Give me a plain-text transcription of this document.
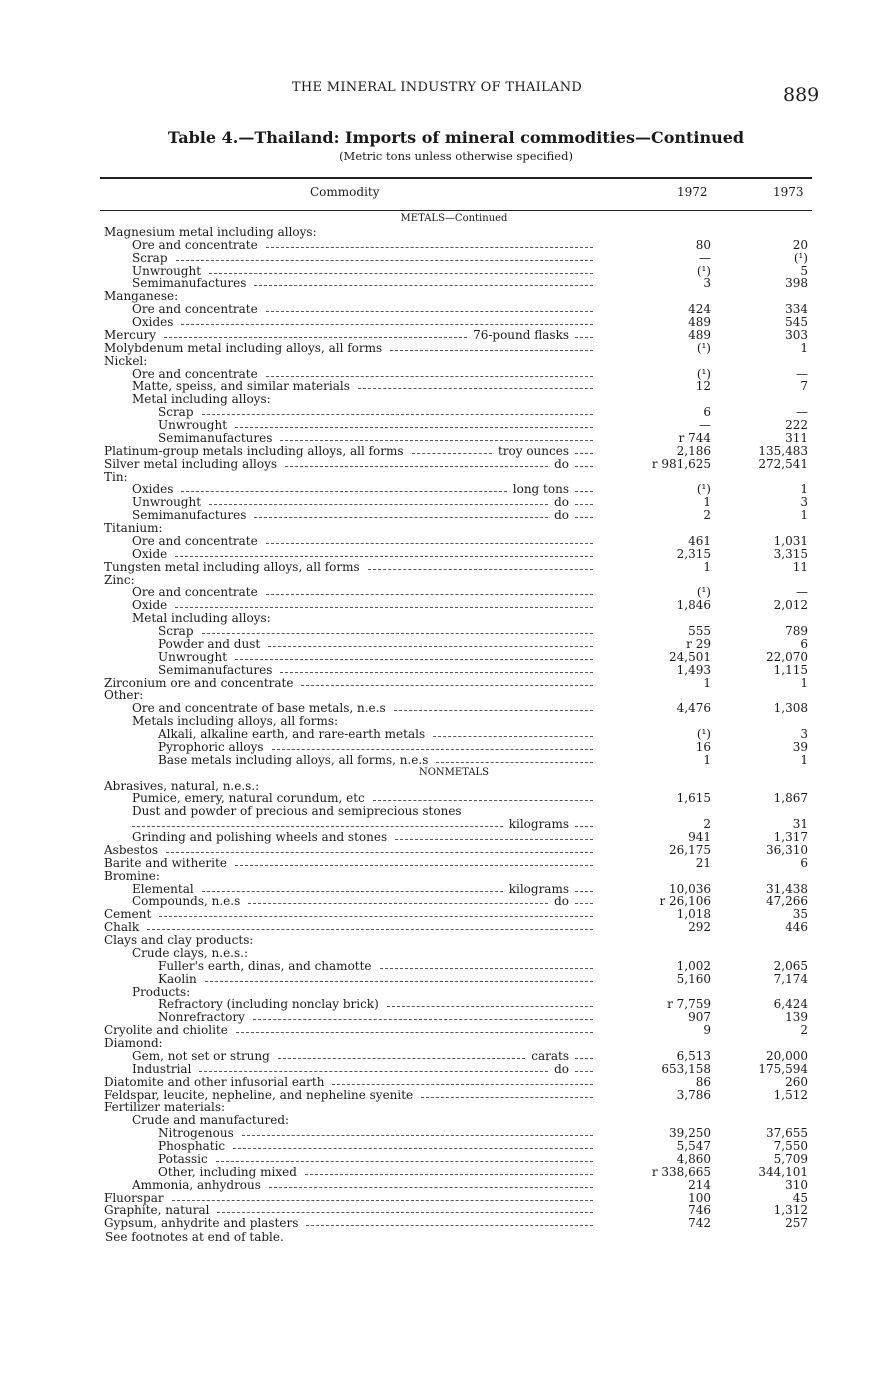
THE MINERAL INDUSTRY OF THAILAND	889
Table 4.—Thailand: Imports of mineral commodities—Continued
(Metric tons unless otherwise specified)
Commodity	1972	1973
METALS—Continued
Magnesium metal including alloys:
Ore and concentrate	80	20
Scrap	—	(¹)
Unwrought	(¹)	5
Semimanufactures	3	398
Manganese:
Ore and concentrate	424	334
Oxides	489	545
Mercury	76-pound flasks	489	303
Molybdenum metal including alloys, all forms	(¹)	1
Nickel:
Ore and concentrate	(¹)	—
Matte, speiss, and similar materials	12	7
Metal including alloys:
Scrap	6	—
Unwrought	—	222
Semimanufactures	r 744	311
Platinum-group metals including alloys, all forms	troy ounces	2,186	135,483
Silver metal including alloys	do	r 981,625	272,541
Tin:
Oxides	long tons	(¹)	1
Unwrought	do	1	3
Semimanufactures	do	2	1
Titanium:
Ore and concentrate	461	1,031
Oxide	2,315	3,315
Tungsten metal including alloys, all forms	1	11
Zinc:
Ore and concentrate	(¹)	—
Oxide	1,846	2,012
Metal including alloys:
Scrap	555	789
Powder and dust	r 29	6
Unwrought	24,501	22,070
Semimanufactures	1,493	1,115
Zirconium ore and concentrate	1	1
Other:
Ore and concentrate of base metals, n.e.s	4,476	1,308
Metals including alloys, all forms:
Alkali, alkaline earth, and rare-earth metals	(¹)	3
Pyrophoric alloys	16	39
Base metals including alloys, all forms, n.e.s	1	1
NONMETALS
Abrasives, natural, n.e.s.:
Pumice, emery, natural corundum, etc	1,615	1,867
Dust and powder of precious and semiprecious stones
kilograms	2	31
Grinding and polishing wheels and stones	941	1,317
Asbestos	26,175	36,310
Barite and witherite	21	6
Bromine:
Elemental	kilograms	10,036	31,438
Compounds, n.e.s	do	r 26,106	47,266
Cement	1,018	35
Chalk	292	446
Clays and clay products:
Crude clays, n.e.s.:
Fuller's earth, dinas, and chamotte	1,002	2,065
Kaolin	5,160	7,174
Products:
Refractory (including nonclay brick)	r 7,759	6,424
Nonrefractory	907	139
Cryolite and chiolite	9	2
Diamond:
Gem, not set or strung	carats	6,513	20,000
Industrial	do	653,158	175,594
Diatomite and other infusorial earth	86	260
Feldspar, leucite, nepheline, and nepheline syenite	3,786	1,512
Fertilizer materials:
Crude and manufactured:
Nitrogenous	39,250	37,655
Phosphatic	5,547	7,550
Potassic	4,860	5,709
Other, including mixed	r 338,665	344,101
Ammonia, anhydrous	214	310
Fluorspar	100	45
Graphite, natural	746	1,312
Gypsum, anhydrite and plasters	742	257
See footnotes at end of table.
